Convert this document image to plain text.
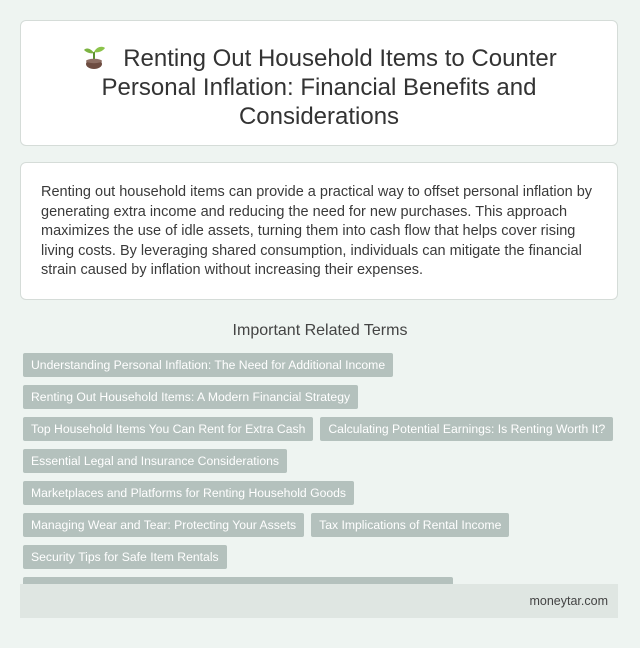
Renting Out Household Items to Counter Personal Inflation: Financial Benefits and Considerations

Renting out household items can provide a practical way to offset personal inflation by generating extra income and reducing the need for new purchases. This approach maximizes the use of idle assets, turning them into cash flow that helps cover rising living costs. By leveraging shared consumption, individuals can mitigate the financial strain caused by inflation without increasing their expenses.

Important Related Terms
Understanding Personal Inflation: The Need for Additional Income
Renting Out Household Items: A Modern Financial Strategy
Top Household Items You Can Rent for Extra Cash	Calculating Potential Earnings: Is Renting Worth It?
Essential Legal and Insurance Considerations
Marketplaces and Platforms for Renting Household Goods
Managing Wear and Tear: Protecting Your Assets	Tax Implications of Rental Income
Security Tips for Safe Item Rentals
moneytar.com
